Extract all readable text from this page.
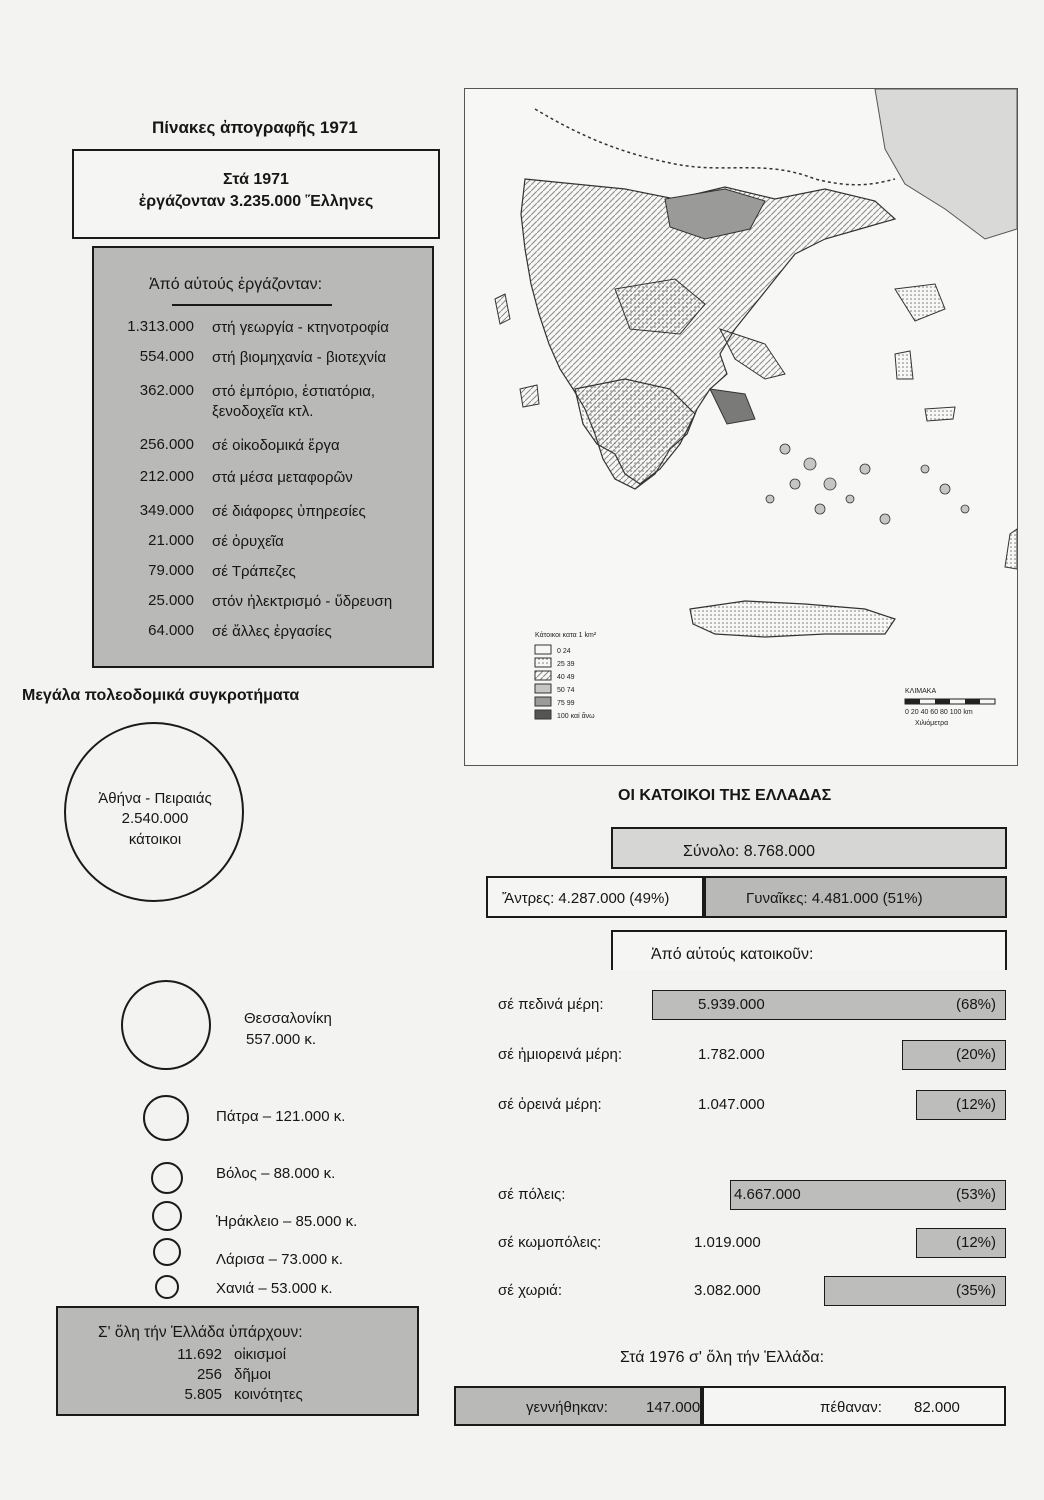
Πίνακες ἀπογραφῆς 1971
Στά 1971
ἐργάζονταν 3.235.000 Ἕλληνες
Ἀπό αὐτούς ἐργάζονταν:
1.313.000 στή γεωργία - κτηνοτροφία
554.000 στή βιομηχανία - βιοτεχνία
362.000 στό ἐμπόριο, ἑστιατόρια, ξενοδοχεῖα κτλ.
256.000 σέ οἰκοδομικά ἔργα
212.000 στά μέσα μεταφορῶν
349.000 σέ διάφορες ὑπηρεσίες
21.000 σέ ὀρυχεῖα
79.000 σέ Τράπεζες
25.000 στόν ἠλεκτρισμό - ὕδρευση
64.000 σέ ἄλλες ἐργασίες
Μεγάλα πολεοδομικά συγκροτήματα
Ἀθήνα - Πειραιάς
2.540.000
κάτοικοι
Θεσσαλονίκη
557.000 κ.
Πάτρα – 121.000 κ.
Βόλος – 88.000 κ.
Ἡράκλειο – 85.000 κ.
Λάρισα – 73.000 κ.
Χανιά – 53.000 κ.
Σ' ὅλη τήν Ἑλλάδα ὑπάρχουν:
11.692 οἰκισμοί
256 δῆμοι
5.805 κοινότητες
Κάτοικοι κατα 1 km²
0 24
25 39
40 49
50 74
75 99
100 καί ἄνω
ΚΛΙΜΑΚΑ
0 20 40 60 80 100 km
Χιλιόμετρα
ΟΙ ΚΑΤΟΙΚΟΙ ΤΗΣ ΕΛΛΑΔΑΣ
Σύνολο: 8.768.000
Ἄντρες: 4.287.000 (49%)	Γυναῖκες: 4.481.000 (51%)
Ἀπό αὐτούς κατοικοῦν:
σέ πεδινά μέρη:	5.939.000	(68%)
σέ ἡμιορεινά μέρη:	1.782.000	(20%)
σέ ὀρεινά μέρη:	1.047.000	(12%)
σέ πόλεις:	4.667.000	(53%)
σέ κωμοπόλεις:	1.019.000	(12%)
σέ χωριά:	3.082.000	(35%)
Στά 1976 σ' ὅλη τήν Ἑλλάδα:
γεννήθηκαν:	147.000	πέθαναν: 82.000
